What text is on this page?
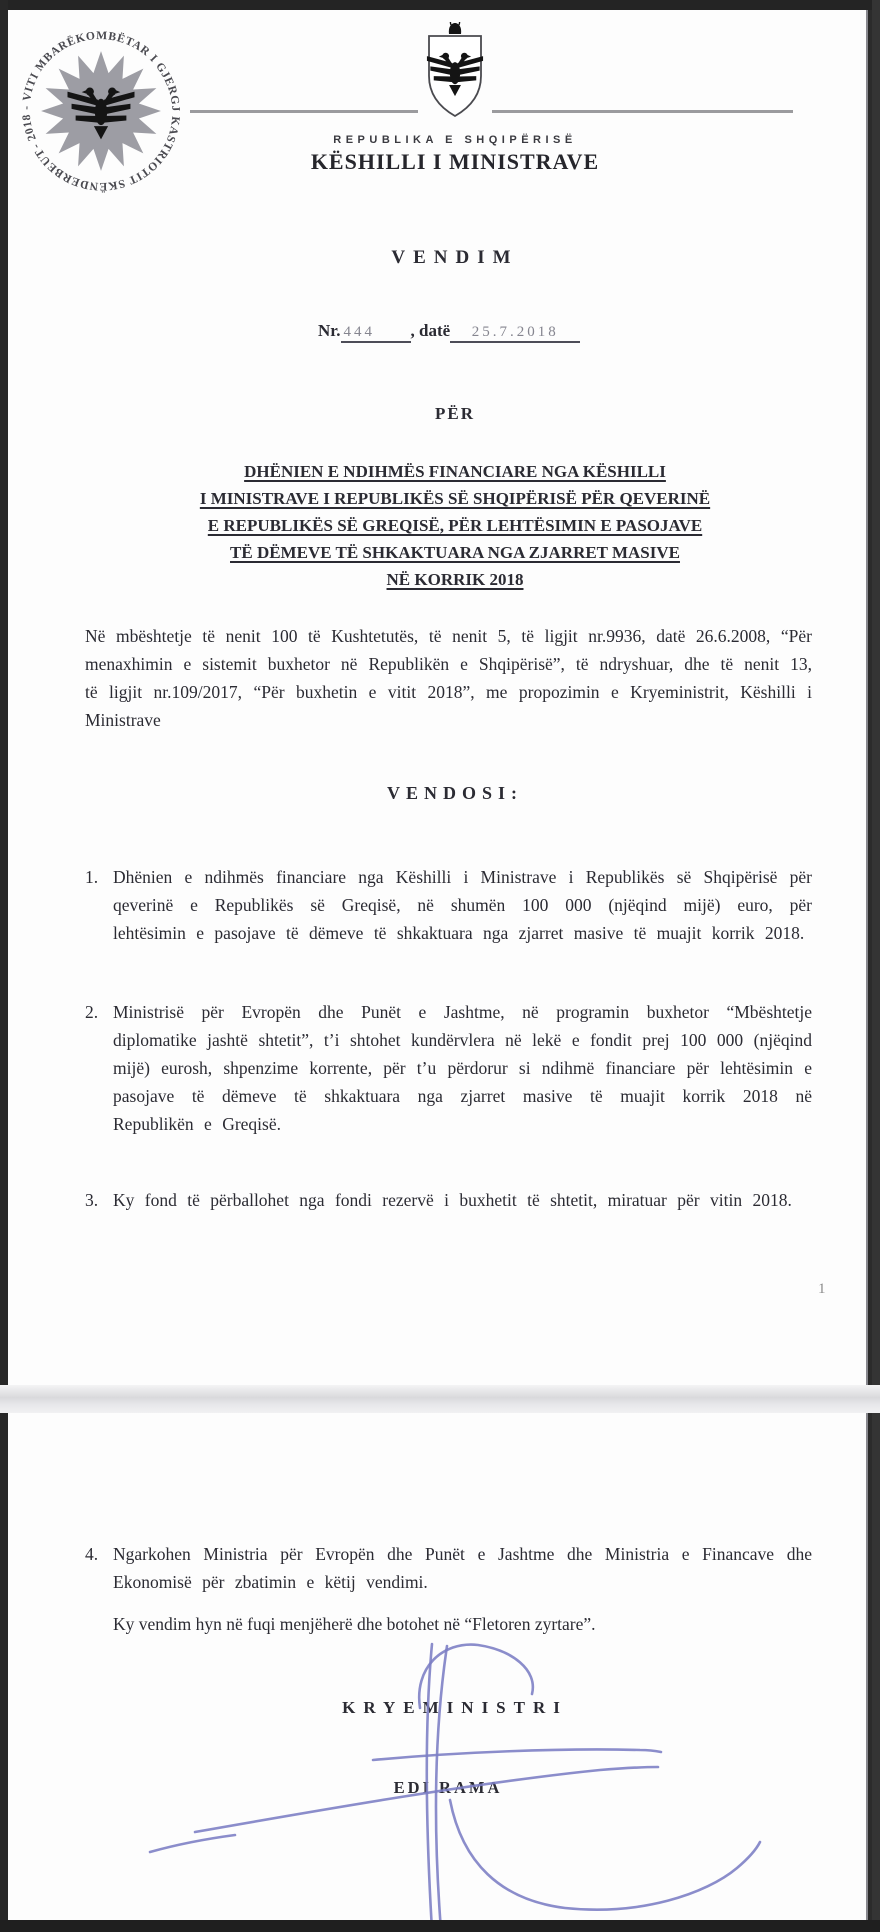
- 2018 - VITI MBARËKOMBËTAR I GJERGJ KASTRIOTIT SKËNDERBEUT
REPUBLIKA E SHQIPËRISË
KËSHILLI I MINISTRAVE
VENDIM
Nr. 444 , datë 25.7.2018
PËR
DHËNIEN E NDIHMËS FINANCIARE NGA KËSHILLI
I MINISTRAVE I REPUBLIKËS SË SHQIPËRISË PËR QEVERINË
E REPUBLIKËS SË GREQISË, PËR LEHTËSIMIN E PASOJAVE
TË DËMEVE TË SHKAKTUARA NGA ZJARRET MASIVE
NË KORRIK 2018
Në mbështetje të nenit 100 të Kushtetutës, të nenit 5, të ligjit nr.9936, datë 26.6.2008, “Për menaxhimin e sistemit buxhetor në Republikën e Shqipërisë”, të ndryshuar, dhe të nenit 13, të ligjit nr.109/2017, “Për buxhetin e vitit 2018”, me propozimin e Kryeministrit, Këshilli i Ministrave
VENDOSI:
1. Dhënien e ndihmës financiare nga Këshilli i Ministrave i Republikës së Shqipërisë për qeverinë e Republikës së Greqisë, në shumën 100 000 (njëqind mijë) euro, për lehtësimin e pasojave të dëmeve të shkaktuara nga zjarret masive të muajit korrik 2018.
2. Ministrisë për Evropën dhe Punët e Jashtme, në programin buxhetor “Mbështetje diplomatike jashtë shtetit”, t’i shtohet kundërvlera në lekë e fondit prej 100 000 (njëqind mijë) eurosh, shpenzime korrente, për t’u përdorur si ndihmë financiare për lehtësimin e pasojave të dëmeve të shkaktuara nga zjarret masive të muajit korrik 2018 në Republikën e Greqisë.
3. Ky fond të përballohet nga fondi rezervë i buxhetit të shtetit, miratuar për vitin 2018.
1
4. Ngarkohen Ministria për Evropën dhe Punët e Jashtme dhe Ministria e Financave dhe Ekonomisë për zbatimin e këtij vendimi.
Ky vendim hyn në fuqi menjëherë dhe botohet në “Fletoren zyrtare”.
KRYEMINISTRI
EDI RAMA
